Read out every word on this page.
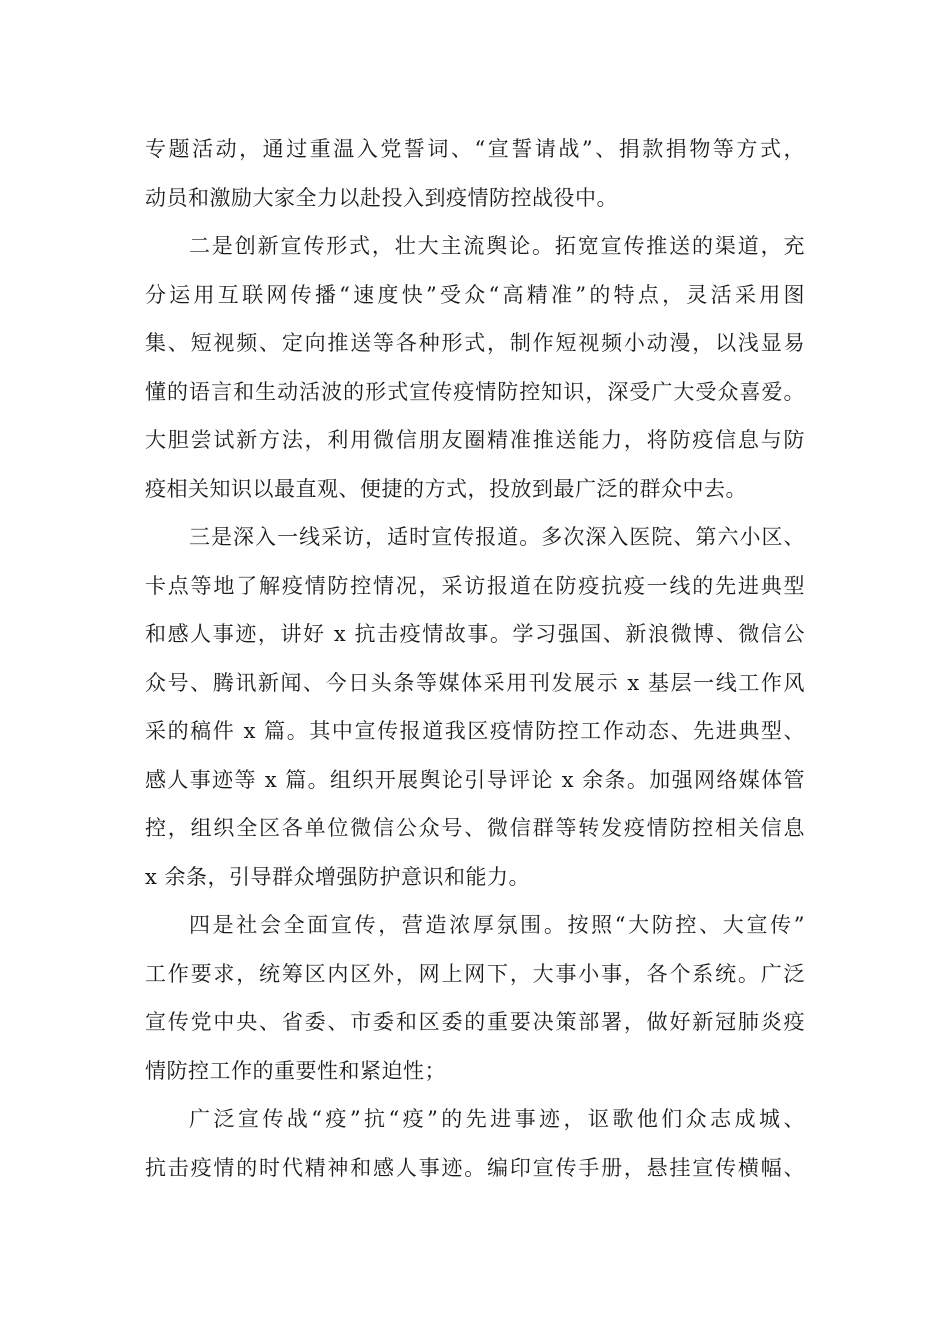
专题活动，通过重温入党誓词、“宣誓请战”、捐款捐物等方式，
动员和激励大家全力以赴投入到疫情防控战役中。
二是创新宣传形式，壮大主流舆论。拓宽宣传推送的渠道，充
分运用互联网传播“速度快”受众“高精准”的特点，灵活采用图
集、短视频、定向推送等各种形式，制作短视频小动漫，以浅显易
懂的语言和生动活波的形式宣传疫情防控知识，深受广大受众喜爱。
大胆尝试新方法，利用微信朋友圈精准推送能力，将防疫信息与防
疫相关知识以最直观、便捷的方式，投放到最广泛的群众中去。
三是深入一线采访，适时宣传报道。多次深入医院、第六小区、
卡点等地了解疫情防控情况，采访报道在防疫抗疫一线的先进典型
和感人事迹，讲好 x 抗击疫情故事。学习强国、新浪微博、微信公
众号、腾讯新闻、今日头条等媒体采用刊发展示 x 基层一线工作风
采的稿件 x 篇。其中宣传报道我区疫情防控工作动态、先进典型、
感人事迹等 x 篇。组织开展舆论引导评论 x 余条。加强网络媒体管
控，组织全区各单位微信公众号、微信群等转发疫情防控相关信息
x 余条，引导群众增强防护意识和能力。
四是社会全面宣传，营造浓厚氛围。按照“大防控、大宣传”
工作要求，统筹区内区外，网上网下，大事小事，各个系统。广泛
宣传党中央、省委、市委和区委的重要决策部署，做好新冠肺炎疫
情防控工作的重要性和紧迫性；
广泛宣传战“疫”抗“疫”的先进事迹，讴歌他们众志成城、
抗击疫情的时代精神和感人事迹。编印宣传手册，悬挂宣传横幅、
